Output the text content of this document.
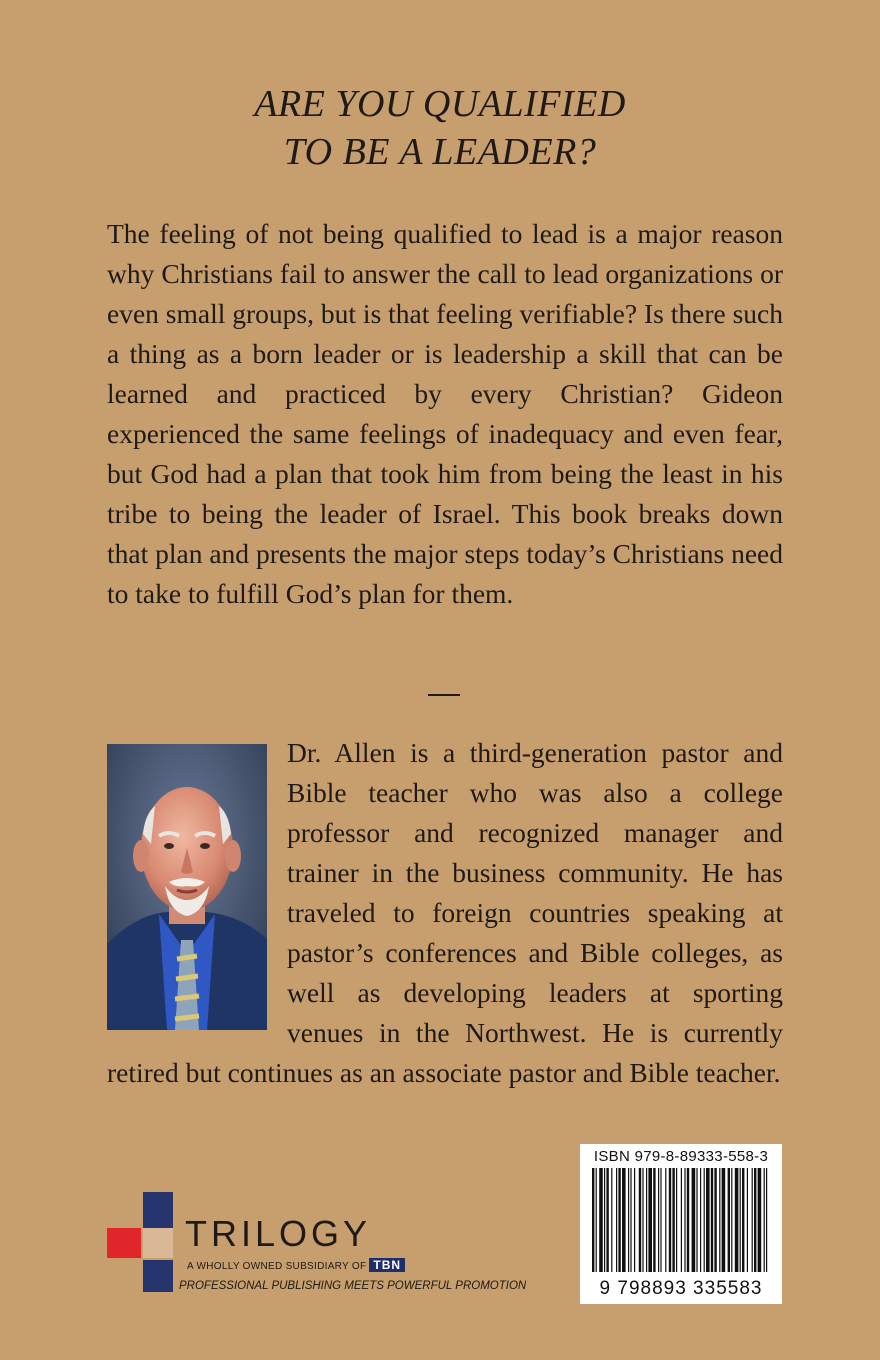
ARE YOU QUALIFIED
TO BE A LEADER?

The feeling of not being qualified to lead is a major reason why Christians fail to answer the call to lead organizations or even small groups, but is that feeling verifiable? Is there such a thing as a born leader or is leadership a skill that can be learned and practiced by every Christian? Gideon experienced the same feelings of inadequacy and even fear, but God had a plan that took him from being the least in his tribe to being the leader of Israel. This book breaks down that plan and presents the major steps today’s Christians need to take to fulfill God’s plan for them.

Dr. Allen is a third-generation pastor and Bible teacher who was also a college professor and recognized manager and trainer in the business community. He has traveled to foreign countries speaking at pastor’s conferences and Bible colleges, as well as developing leaders at sporting venues in the Northwest. He is currently retired but continues as an associate pastor and Bible teacher.
TRILOGY
A WHOLLY OWNED SUBSIDIARY OF TBN
PROFESSIONAL PUBLISHING MEETS POWERFUL PROMOTION
ISBN 979-8-89333-558-3
9 798893 335583
